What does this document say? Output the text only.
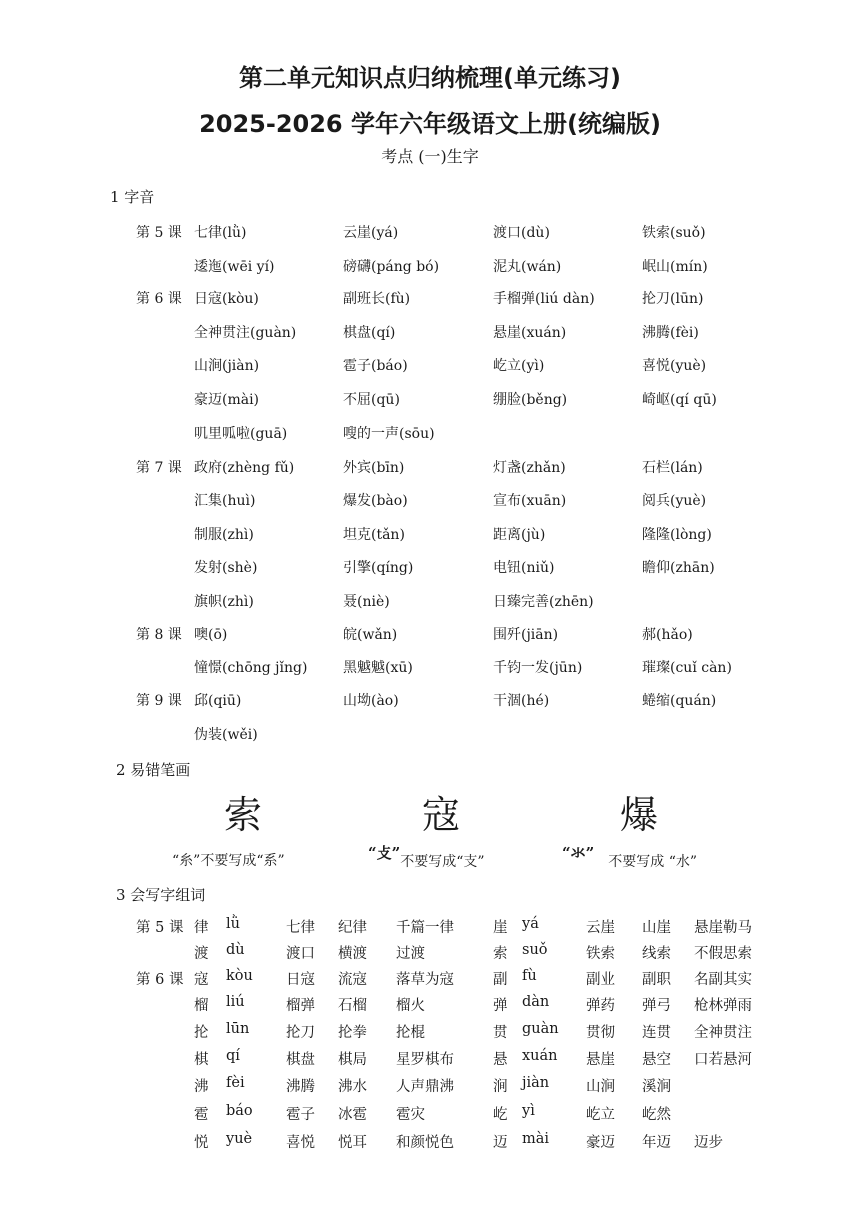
第二单元知识点归纳梳理(单元练习)
2025-2026 学年六年级语文上册(统编版)
考点 (一)生字
1 字音
第 5 课 七律(lǜ)	云崖(yá)	渡口(dù)	铁索(suǒ)
逶迤(wēi yí)	磅礴(páng bó)	泥丸(wán)	岷山(mín)
第 6 课 日寇(kòu)	副班长(fù)	手榴弹(liú dàn)	抡刀(lūn)
全神贯注(guàn)	棋盘(qí)	悬崖(xuán)	沸腾(fèi)
山涧(jiàn)	雹子(báo)	屹立(yì)	喜悦(yuè)
豪迈(mài)	不屈(qū)	绷脸(běng)	崎岖(qí qū)
叽里呱啦(guā)	嗖的一声(sōu)
第 7 课 政府(zhèng fǔ)	外宾(bīn)	灯盏(zhǎn)	石栏(lán)
汇集(huì)	爆发(bào)	宣布(xuān)	阅兵(yuè)
制服(zhì)	坦克(tǎn)	距离(jù)	隆隆(lòng)
发射(shè)	引擎(qíng)	电钮(niǔ)	瞻仰(zhān)
旗帜(zhì)	聂(niè)	日臻完善(zhēn)
第 8 课 噢(ō)	皖(wǎn)	围歼(jiān)	郝(hǎo)
憧憬(chōng jǐng)	黑魆魆(xū)	千钧一发(jūn)	璀璨(cuǐ càn)
第 9 课 邱(qiū)	山坳(ào)	干涸(hé)	蜷缩(quán)
伪装(wěi)
2 易错笔画
索	寇	爆
“糸”不要写成“系”	“攴”不要写成“支”	“氺” 不要写成 “水”
3 会写字组词
第 5 课 律 lǜ	七律 纪律 千篇一律	崖 yá	云崖 山崖 悬崖勒马
渡 dù	渡口 横渡 过渡	索 suǒ	铁索 线索 不假思索
第 6 课 寇 kòu 日寇 流寇 落草为寇	副 fù	副业 副职 名副其实
榴 liú	榴弹 石榴 榴火	弹 dàn	弹药 弹弓 枪林弹雨
抡 lūn	抡刀 抡拳 抡棍	贯 guàn 贯彻 连贯 全神贯注
棋 qí	棋盘 棋局 星罗棋布	悬 xuán 悬崖 悬空 口若悬河
沸 fèi	沸腾 沸水 人声鼎沸	涧 jiàn	山涧 溪涧
雹 báo 雹子 冰雹 雹灾	屹 yì	屹立 屹然
悦 yuè 喜悦 悦耳 和颜悦色	迈 mài	豪迈 年迈 迈步
